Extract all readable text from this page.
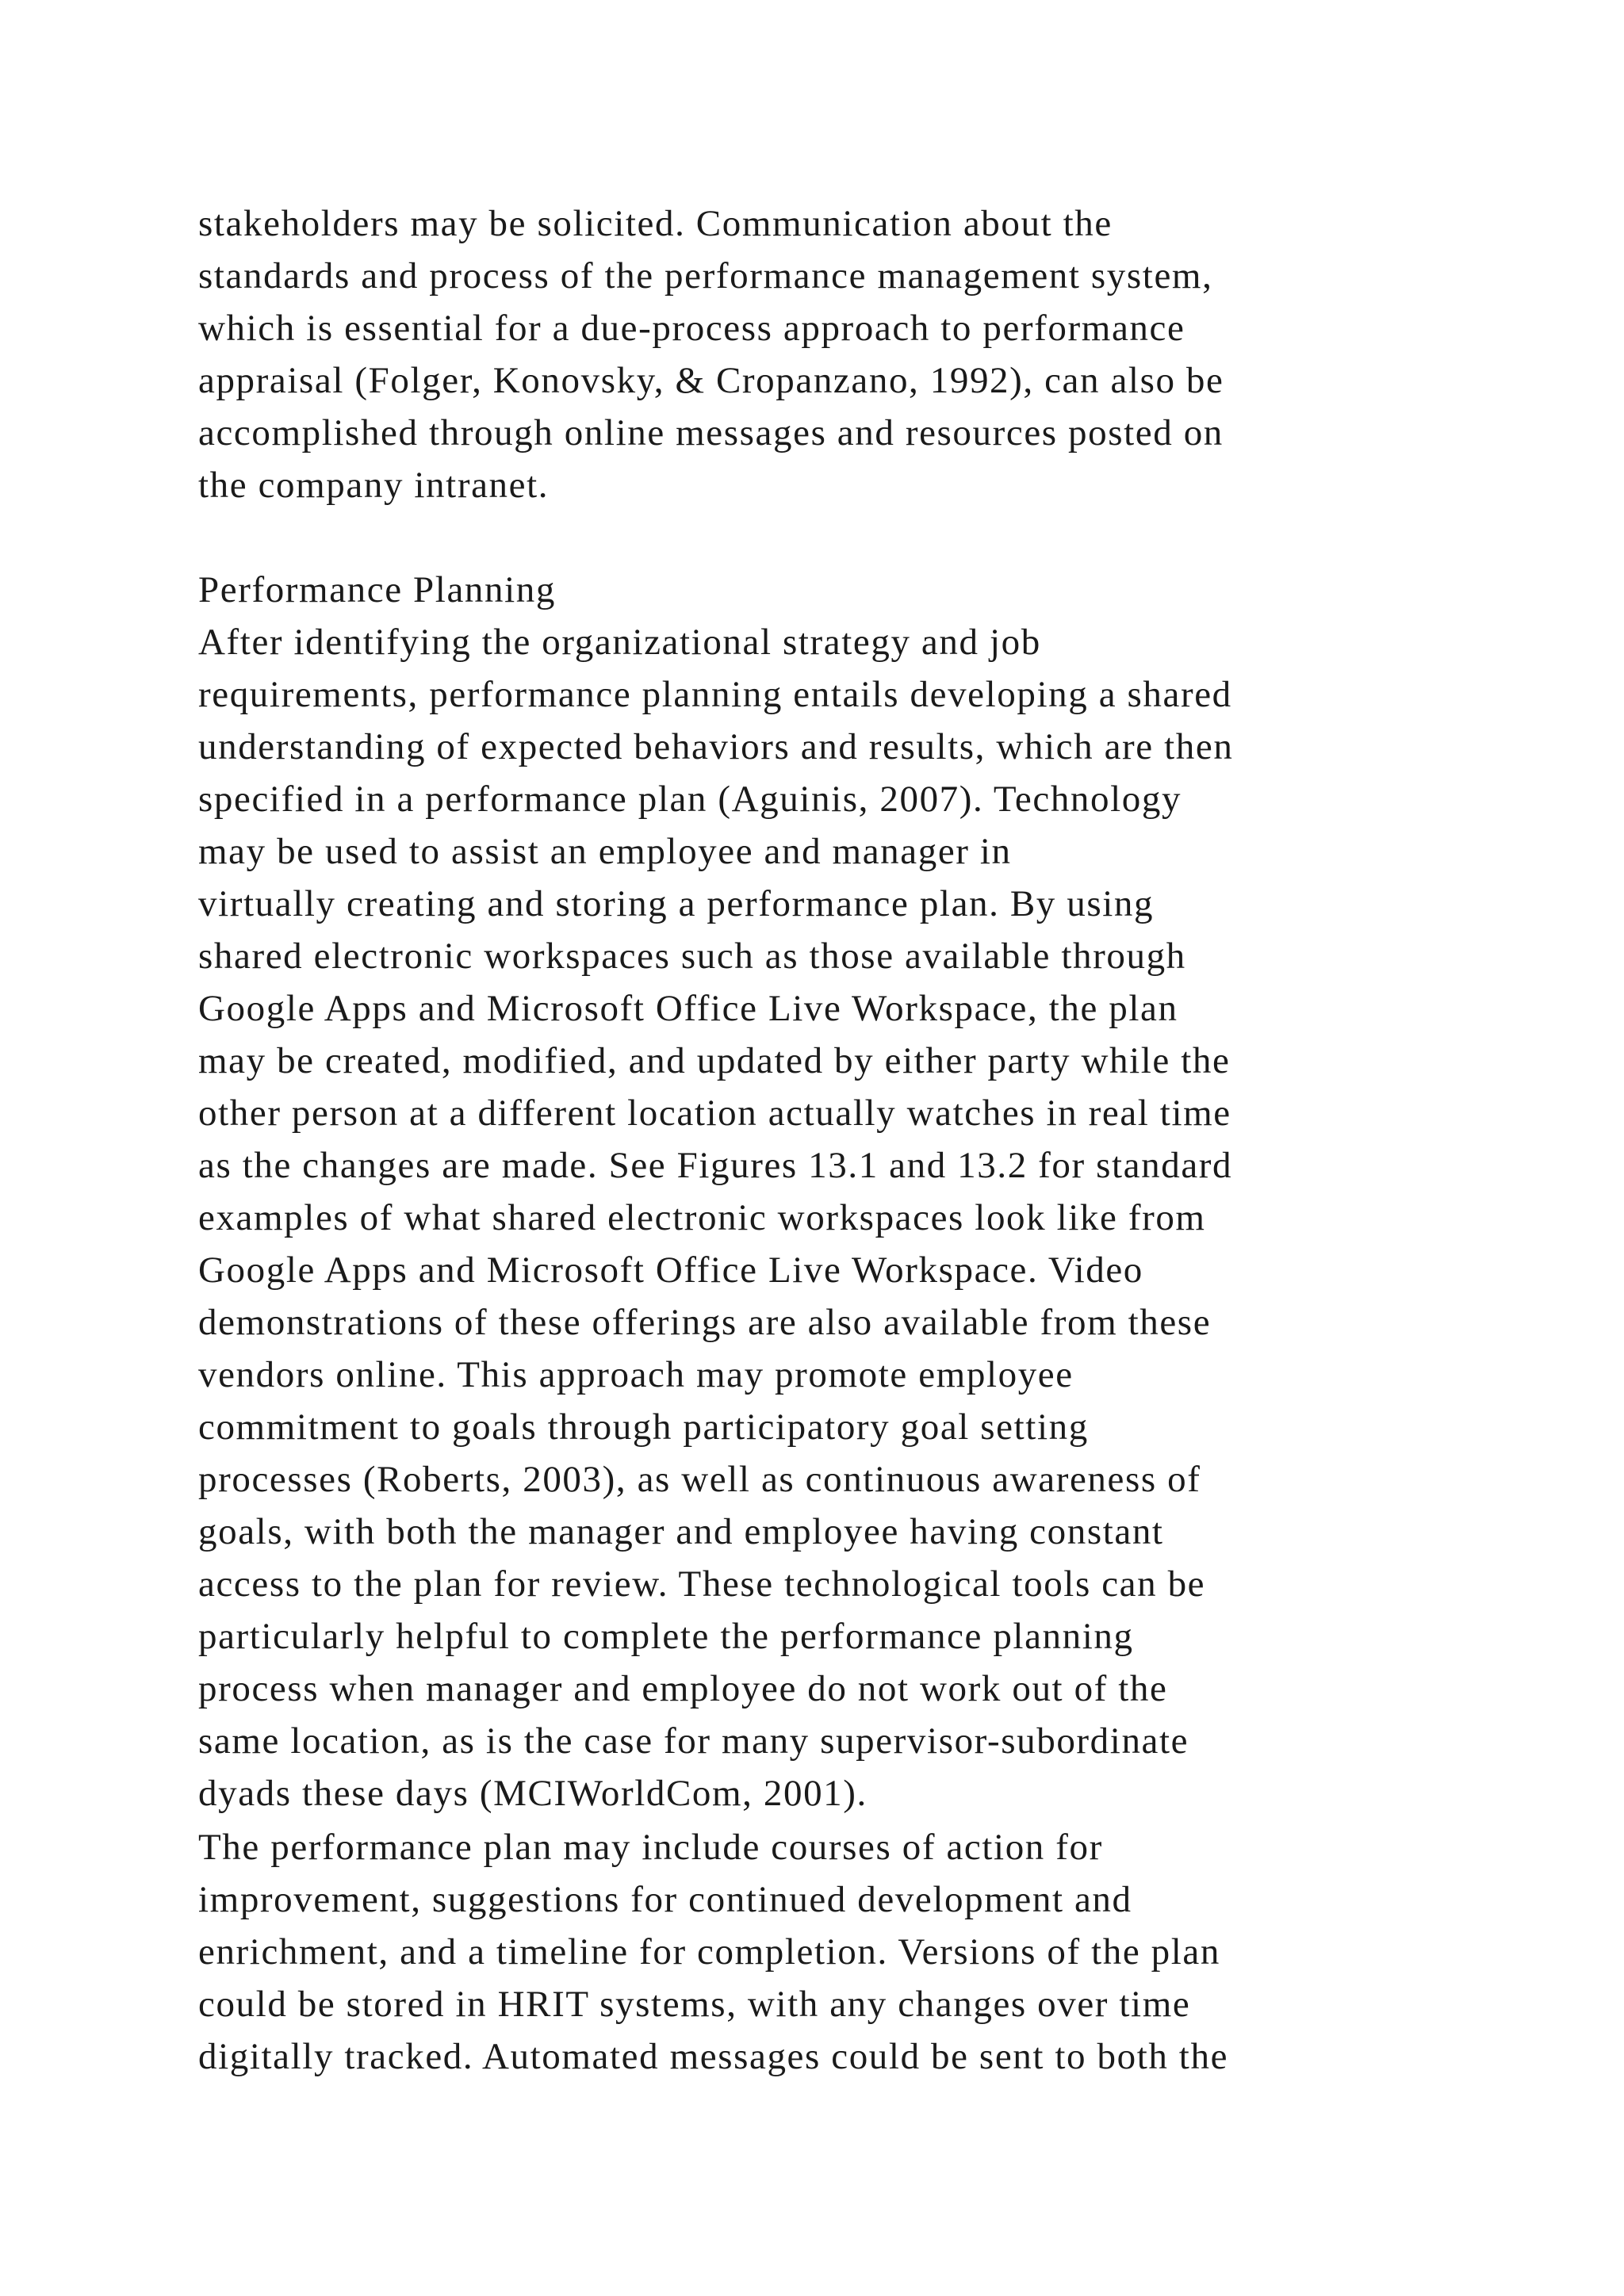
stakeholders may be solicited. Communication about the
standards and process of the performance management system,
which is essential for a due-process approach to performance
appraisal (Folger, Konovsky, & Cropanzano, 1992), can also be
accomplished through online messages and resources posted on
the company intranet.
Performance Planning
After identifying the organizational strategy and job
requirements, performance planning entails developing a shared
understanding of expected behaviors and results, which are then
specified in a performance plan (Aguinis, 2007). Technology
may be used to assist an employee and manager in
virtually creating and storing a performance plan. By using
shared electronic workspaces such as those available through
Google Apps and Microsoft Office Live Workspace, the plan
may be created, modified, and updated by either party while the
other person at a different location actually watches in real time
as the changes are made. See Figures 13.1 and 13.2 for standard
examples of what shared electronic workspaces look like from
Google Apps and Microsoft Office Live Workspace. Video
demonstrations of these offerings are also available from these
vendors online. This approach may promote employee
commitment to goals through participatory goal setting
processes (Roberts, 2003), as well as continuous awareness of
goals, with both the manager and employee having constant
access to the plan for review. These technological tools can be
particularly helpful to complete the performance planning
process when manager and employee do not work out of the
same location, as is the case for many supervisor-subordinate
dyads these days (MCIWorldCom, 2001).
The performance plan may include courses of action for
improvement, suggestions for continued development and
enrichment, and a timeline for completion. Versions of the plan
could be stored in HRIT systems, with any changes over time
digitally tracked. Automated messages could be sent to both the
